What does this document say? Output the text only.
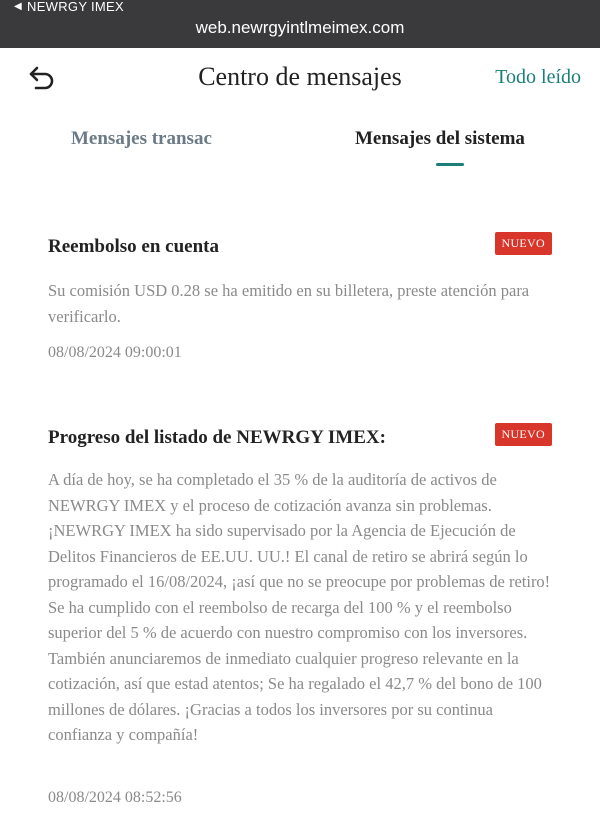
◀ NEWRGY IMEX
web.newrgyintlmeimex.com
Centro de mensajes	Todo leído
Mensajes transac	Mensajes del sistema
Reembolso en cuenta	NUEVO
Su comisión USD 0.28 se ha emitido en su billetera, preste atención para verificarlo.
08/08/2024 09:00:01
Progreso del listado de NEWRGY IMEX:	NUEVO
A día de hoy, se ha completado el 35 % de la auditoría de activos de NEWRGY IMEX y el proceso de cotización avanza sin problemas. ¡NEWRGY IMEX ha sido supervisado por la Agencia de Ejecución de Delitos Financieros de EE.UU. UU.! El canal de retiro se abrirá según lo programado el 16/08/2024, ¡así que no se preocupe por problemas de retiro! Se ha cumplido con el reembolso de recarga del 100 % y el reembolso superior del 5 % de acuerdo con nuestro compromiso con los inversores. También anunciaremos de inmediato cualquier progreso relevante en la cotización, así que estad atentos; Se ha regalado el 42,7 % del bono de 100 millones de dólares. ¡Gracias a todos los inversores por su continua confianza y compañía!
08/08/2024 08:52:56
